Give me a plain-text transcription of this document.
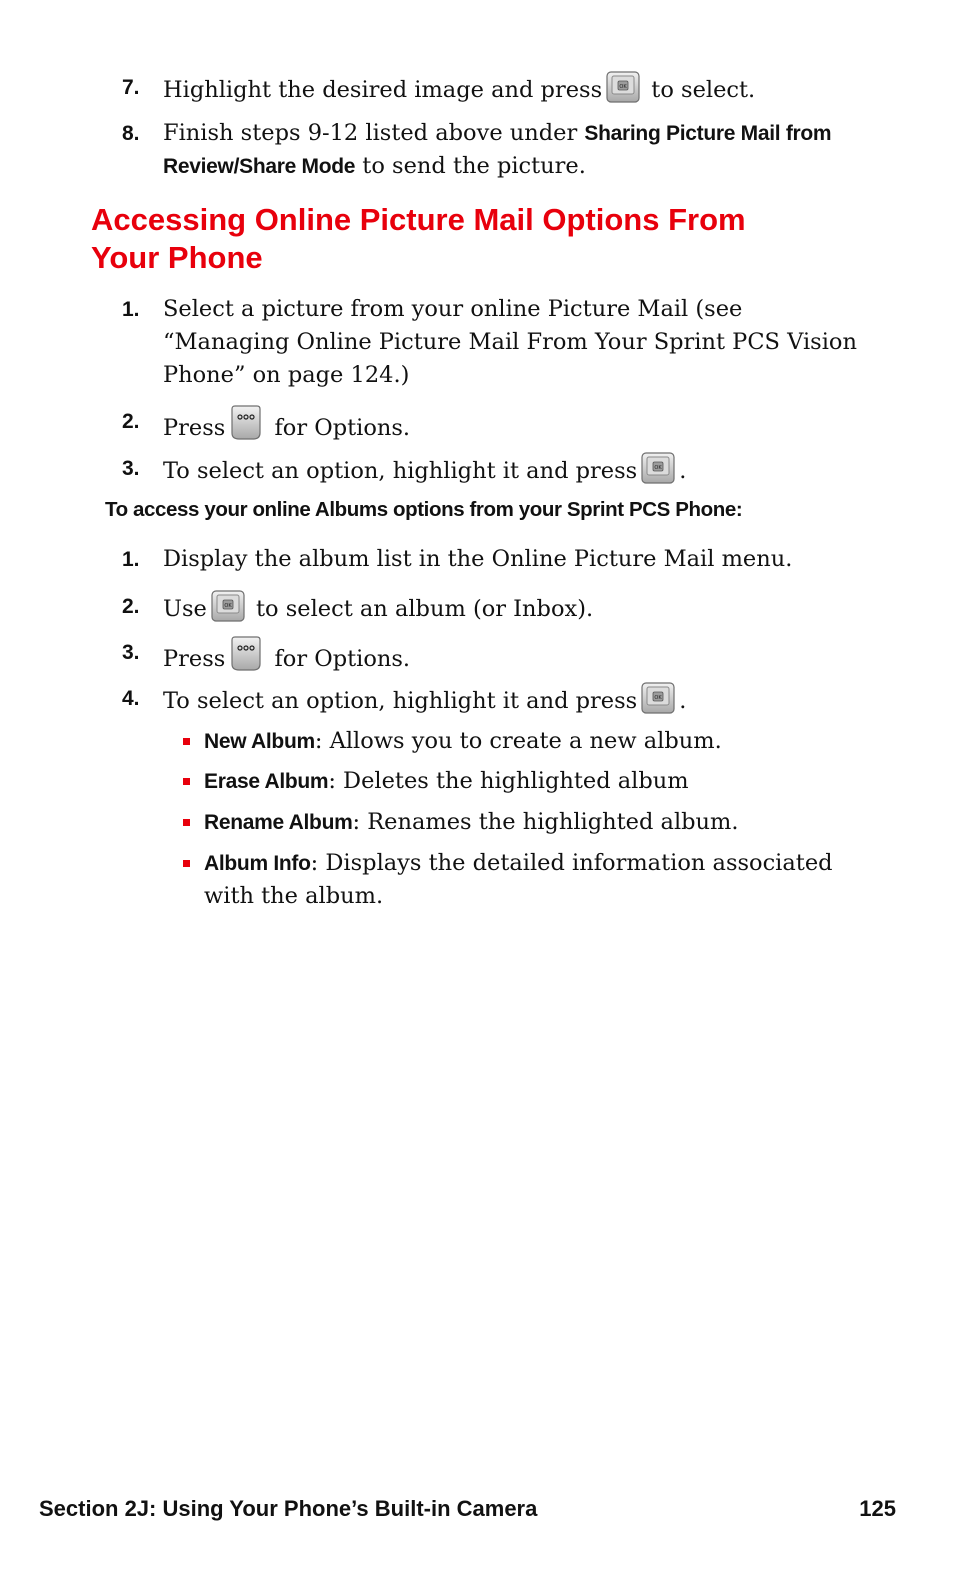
7. Highlight the desired image and press to select.
8. Finish steps 9-12 listed above under Sharing Picture Mail from Review/Share Mode to send the picture.
Accessing Online Picture Mail Options From
Your Phone
1. Select a picture from your online Picture Mail (see “Managing Online Picture Mail From Your Sprint PCS Vision Phone” on page 124.)
2. Press for Options.
3. To select an option, highlight it and press .
To access your online Albums options from your Sprint PCS Phone:
1. Display the album list in the Online Picture Mail menu.
2. Use to select an album (or Inbox).
3. Press for Options.
4. To select an option, highlight it and press .
New Album: Allows you to create a new album.
Erase Album: Deletes the highlighted album
Rename Album: Renames the highlighted album.
Album Info: Displays the detailed information associated with the album.
Section 2J: Using Your Phone’s Built-in Camera	125
